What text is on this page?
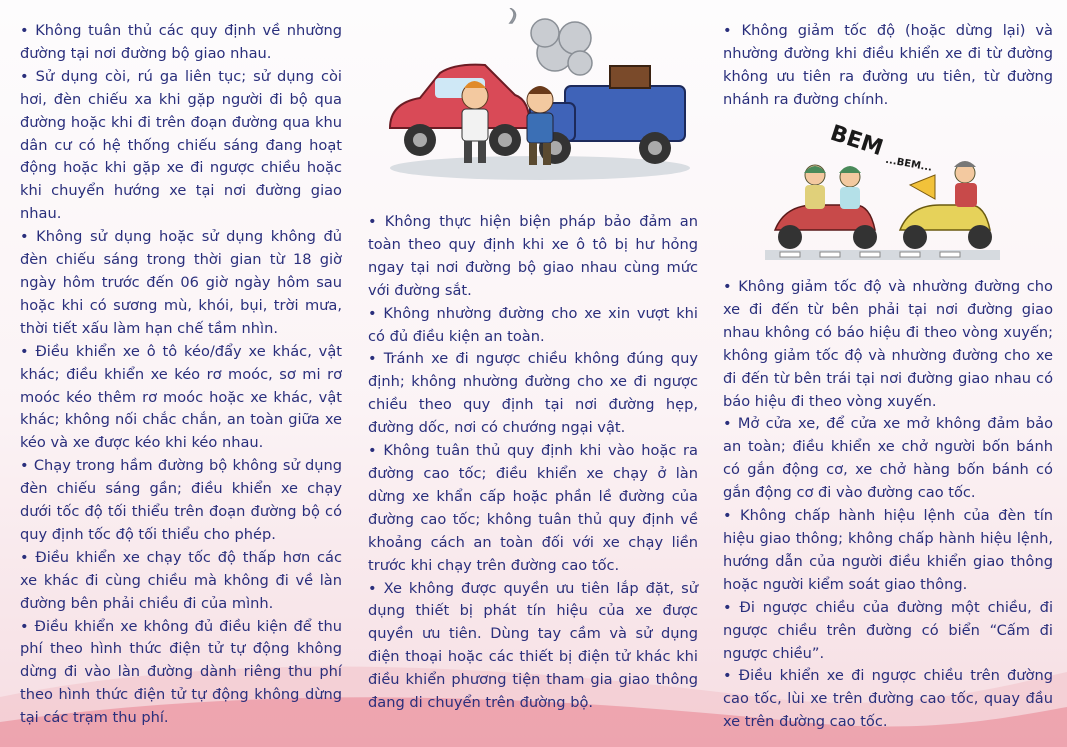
• Không tuân thủ các quy định về nhường đường tại nơi đường bộ giao nhau.

• Sử dụng còi, rú ga liên tục; sử dụng còi hơi, đèn chiếu xa khi gặp người đi bộ qua đường hoặc khi đi trên đoạn đường qua khu dân cư có hệ thống chiếu sáng đang hoạt động hoặc khi gặp xe đi ngược chiều hoặc khi chuyển hướng xe tại nơi đường giao nhau.

• Không sử dụng hoặc sử dụng không đủ đèn chiếu sáng trong thời gian từ 18 giờ ngày hôm trước đến 06 giờ ngày hôm sau hoặc khi có sương mù, khói, bụi, trời mưa, thời tiết xấu làm hạn chế tầm nhìn.

• Điều khiển xe ô tô kéo/đẩy xe khác, vật khác; điều khiển xe kéo rơ moóc, sơ mi rơ moóc kéo thêm rơ moóc hoặc xe khác, vật khác; không nối chắc chắn, an toàn giữa xe kéo và xe được kéo khi kéo nhau.

• Chạy trong hầm đường bộ không sử dụng đèn chiếu sáng gần; điều khiển xe chạy dưới tốc độ tối thiểu trên đoạn đường bộ có quy định tốc độ tối thiểu cho phép.

• Điều khiển xe chạy tốc độ thấp hơn các xe khác đi cùng chiều mà không đi về làn đường bên phải chiều đi của mình.

• Điều khiển xe không đủ điều kiện để thu phí theo hình thức điện tử tự động không dừng đi vào làn đường dành riêng thu phí theo hình thức điện tử tự động không dừng tại các trạm thu phí.

• Không thực hiện biện pháp bảo đảm an toàn theo quy định khi xe ô tô bị hư hỏng ngay tại nơi đường bộ giao nhau cùng mức với đường sắt.

• Không nhường đường cho xe xin vượt khi có đủ điều kiện an toàn.

• Tránh xe đi ngược chiều không đúng quy định; không nhường đường cho xe đi ngược chiều theo quy định tại nơi đường hẹp, đường dốc, nơi có chướng ngại vật.

• Không tuân thủ quy định khi vào hoặc ra đường cao tốc; điều khiển xe chạy ở làn dừng xe khẩn cấp hoặc phần lề đường của đường cao tốc; không tuân thủ quy định về khoảng cách an toàn đối với xe chạy liền trước khi chạy trên đường cao tốc.

• Xe không được quyền ưu tiên lắp đặt, sử dụng thiết bị phát tín hiệu của xe được quyền ưu tiên. Dùng tay cầm và sử dụng điện thoại hoặc các thiết bị điện tử khác khi điều khiển phương tiện tham gia giao thông đang di chuyển trên đường bộ.

• Không giảm tốc độ (hoặc dừng lại) và nhường đường khi điều khiển xe đi từ đường không ưu tiên ra đường ưu tiên, từ đường nhánh ra đường chính.

BEM
...BEM...

• Không giảm tốc độ và nhường đường cho xe đi đến từ bên phải tại nơi đường giao nhau không có báo hiệu đi theo vòng xuyến; không giảm tốc độ và nhường đường cho xe đi đến từ bên trái tại nơi đường giao nhau có báo hiệu đi theo vòng xuyến.

• Mở cửa xe, để cửa xe mở không đảm bảo an toàn; điều khiển xe chở người bốn bánh có gắn động cơ, xe chở hàng bốn bánh có gắn động cơ đi vào đường cao tốc.

• Không chấp hành hiệu lệnh của đèn tín hiệu giao thông; không chấp hành hiệu lệnh, hướng dẫn của người điều khiển giao thông hoặc người kiểm soát giao thông.

• Đi ngược chiều của đường một chiều, đi ngược chiều trên đường có biển “Cấm đi ngược chiều”.

• Điều khiển xe đi ngược chiều trên đường cao tốc, lùi xe trên đường cao tốc, quay đầu xe trên đường cao tốc.
